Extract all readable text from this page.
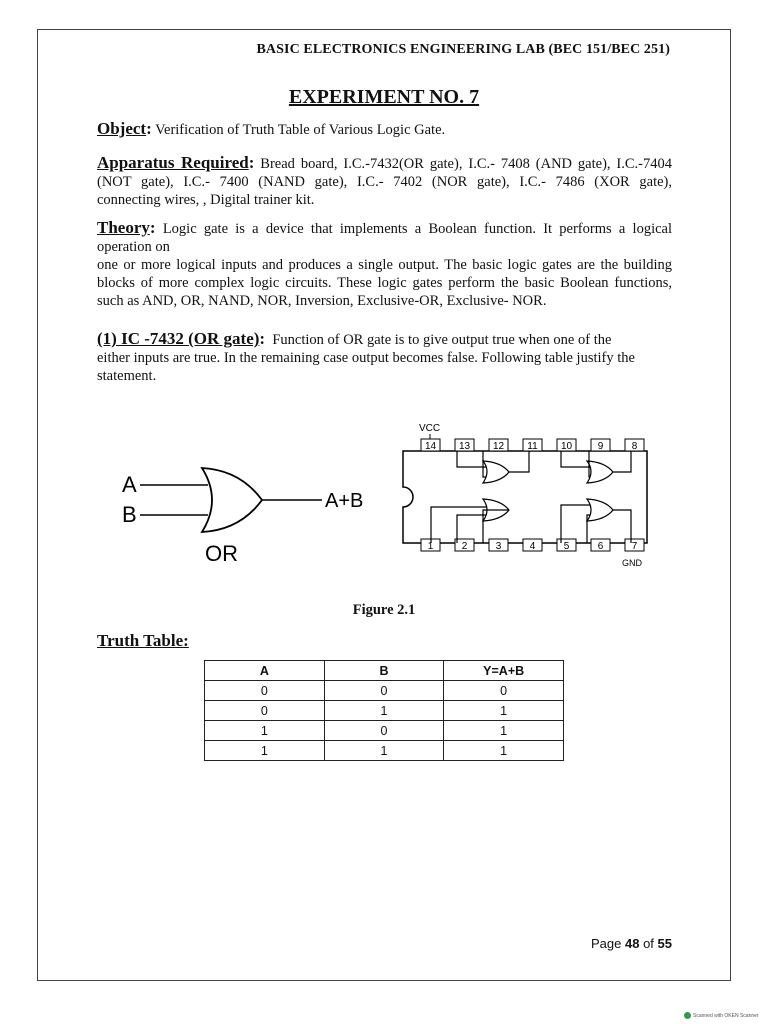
BASIC ELECTRONICS ENGINEERING LAB (BEC 151/BEC 251)
EXPERIMENT NO. 7
Object: Verification of Truth Table of Various Logic Gate.
Apparatus Required: Bread board, I.C.-7432(OR gate), I.C.- 7408 (AND gate), I.C.-7404
(NOT gate), I.C.- 7400 (NAND gate), I.C.- 7402 (NOR gate), I.C.- 7486 (XOR gate),
connecting wires, , Digital trainer kit.
Theory: Logic gate is a device that implements a Boolean function. It performs a logical
operation on
one or more logical inputs and produces a single output. The basic logic gates are the building
blocks of more complex logic circuits. These logic gates perform the basic Boolean functions,
such as AND, OR, NAND, NOR, Inversion, Exclusive-OR, Exclusive- NOR.
(1) IC -7432 (OR gate): Function of OR gate is to give output true when one of the
either inputs are true. In the remaining case output becomes false. Following table justify the
statement.
A
B
A+B
OR
VCC
14 13 12 11 10	9	8
1	2	3	4	5	6	7
GND
Figure 2.1
Truth Table:
A	B	Y=A+B
0	0	0
0	1	1
1	0	1
1	1	1
Page 48 of 55
Scanned with OKEN Scanner
